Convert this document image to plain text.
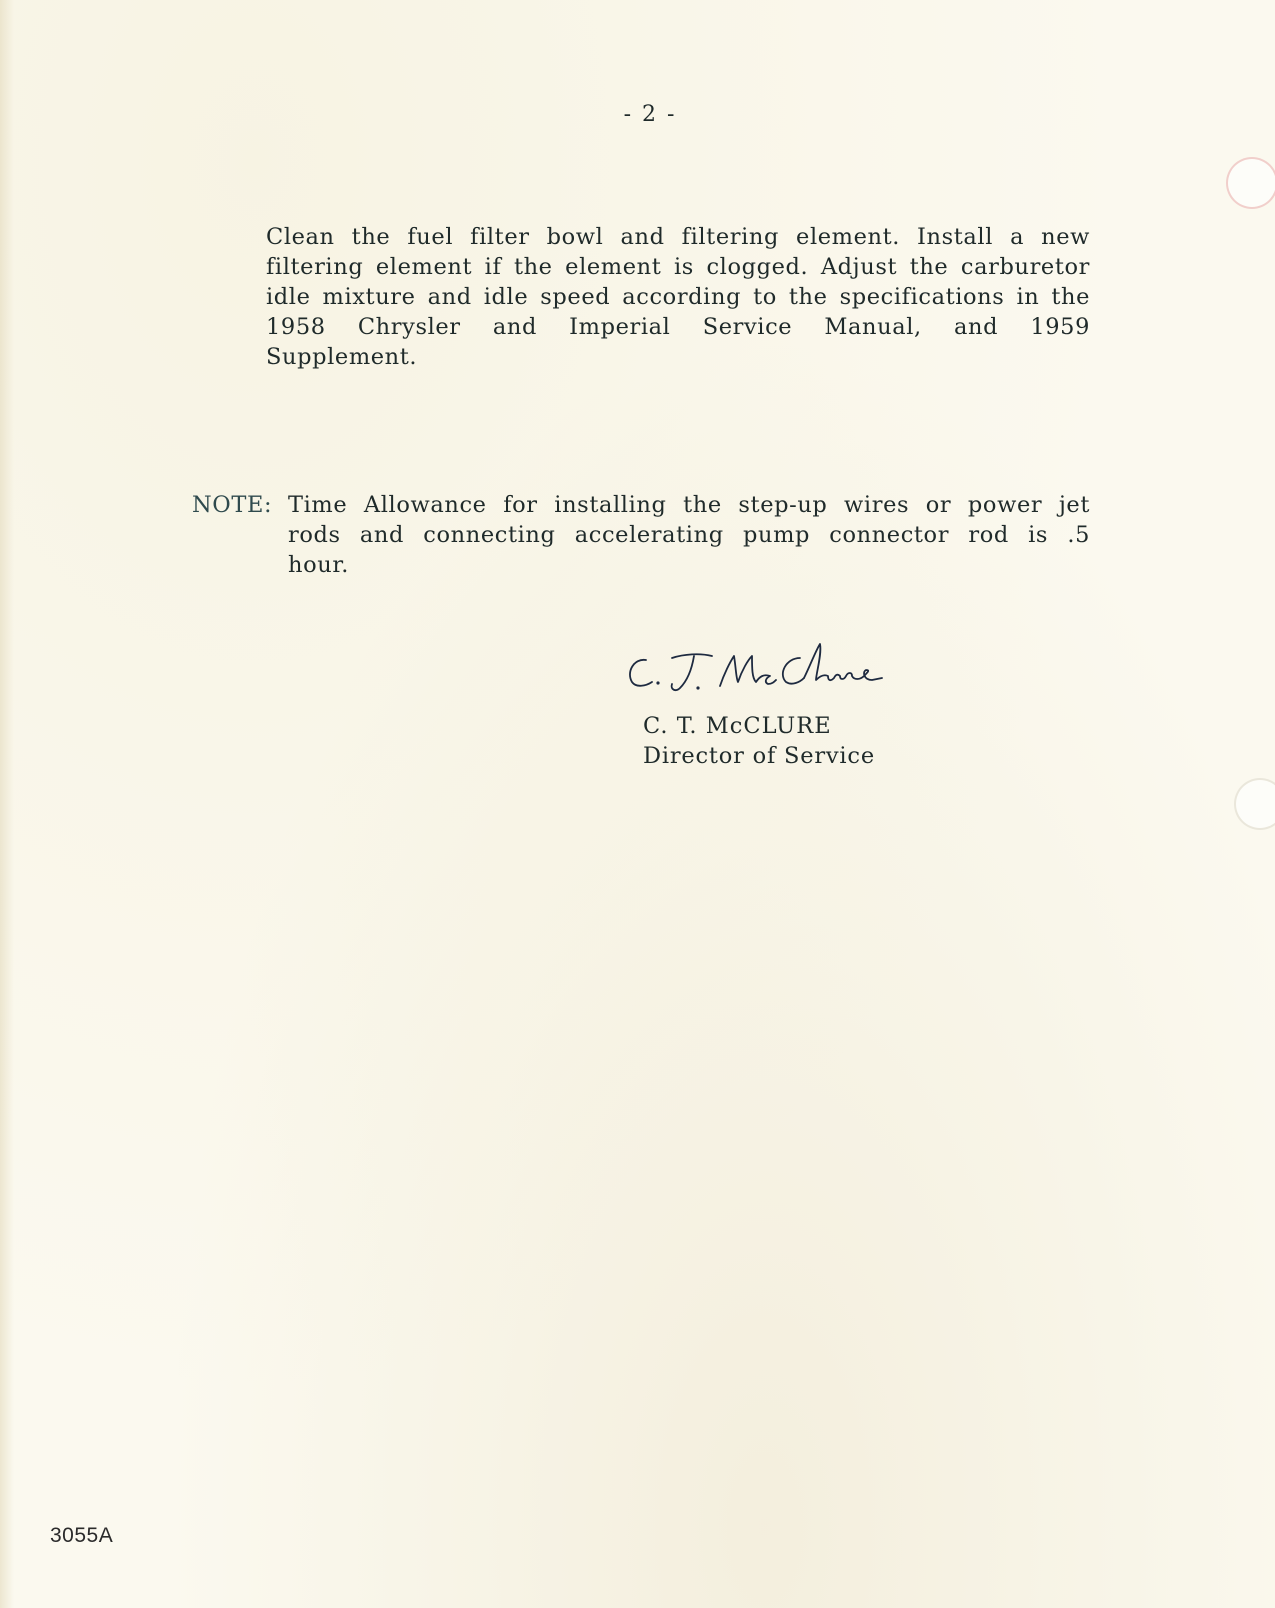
- 2 -
Clean the fuel filter bowl and filtering element. Install a new filtering element if the element is clogged. Adjust the carburetor idle mixture and idle speed according to the specifications in the 1958 Chrysler and Imperial Service Manual, and 1959 Supplement.
NOTE: Time Allowance for installing the step-up wires or power jet rods and connecting accelerating pump connector rod is .5 hour.
C. T. McCLURE
Director of Service
3055A
